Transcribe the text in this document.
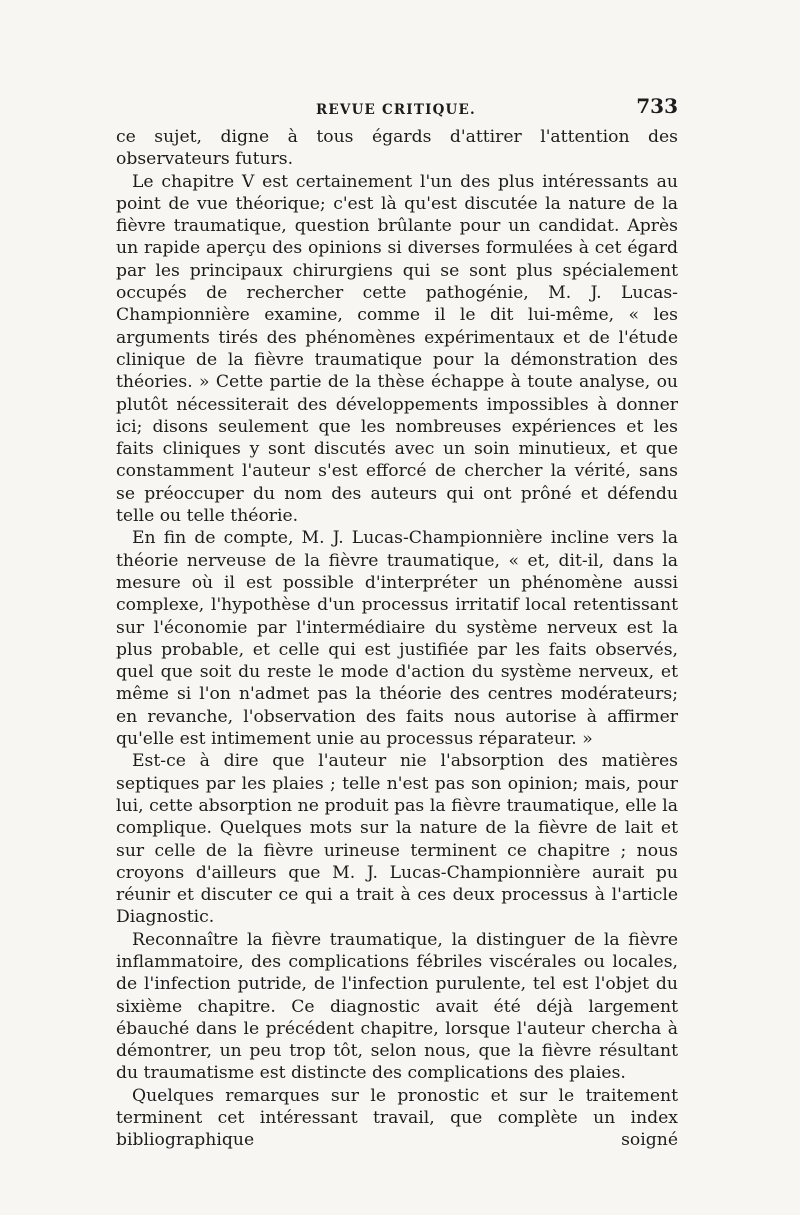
REVUE CRITIQUE.	733

ce sujet, digne à tous égards d'attirer l'attention des observateurs futurs.

Le chapitre V est certainement l'un des plus intéressants au point de vue théorique; c'est là qu'est discutée la nature de la fièvre traumatique, question brûlante pour un candidat. Après un rapide aperçu des opinions si diverses formulées à cet égard par les principaux chirurgiens qui se sont plus spécialement occupés de rechercher cette pathogénie, M. J. Lucas-Championnière examine, comme il le dit lui-même, « les arguments tirés des phénomènes expérimentaux et de l'étude clinique de la fièvre traumatique pour la démonstration des théories. » Cette partie de la thèse échappe à toute analyse, ou plutôt nécessiterait des développements impossibles à donner ici; disons seulement que les nombreuses expériences et les faits cliniques y sont discutés avec un soin minutieux, et que constamment l'auteur s'est efforcé de chercher la vérité, sans se préoccuper du nom des auteurs qui ont prôné et défendu telle ou telle théorie.

En fin de compte, M. J. Lucas-Championnière incline vers la théorie nerveuse de la fièvre traumatique, « et, dit-il, dans la mesure où il est possible d'interpréter un phénomène aussi complexe, l'hypothèse d'un processus irritatif local retentissant sur l'économie par l'intermédiaire du système nerveux est la plus probable, et celle qui est justifiée par les faits observés, quel que soit du reste le mode d'action du système nerveux, et même si l'on n'admet pas la théorie des centres modérateurs; en revanche, l'observation des faits nous autorise à affirmer qu'elle est intimement unie au processus réparateur. »

Est-ce à dire que l'auteur nie l'absorption des matières septiques par les plaies ; telle n'est pas son opinion; mais, pour lui, cette absorption ne produit pas la fièvre traumatique, elle la complique. Quelques mots sur la nature de la fièvre de lait et sur celle de la fièvre urineuse terminent ce chapitre ; nous croyons d'ailleurs que M. J. Lucas-Championnière aurait pu réunir et discuter ce qui a trait à ces deux processus à l'article Diagnostic.

Reconnaître la fièvre traumatique, la distinguer de la fièvre inflammatoire, des complications fébriles viscérales ou locales, de l'infection putride, de l'infection purulente, tel est l'objet du sixième chapitre. Ce diagnostic avait été déjà largement ébauché dans le précédent chapitre, lorsque l'auteur chercha à démontrer, un peu trop tôt, selon nous, que la fièvre résultant du traumatisme est distincte des complications des plaies.

Quelques remarques sur le pronostic et sur le traitement terminent cet intéressant travail, que complète un index bibliographique soigné
